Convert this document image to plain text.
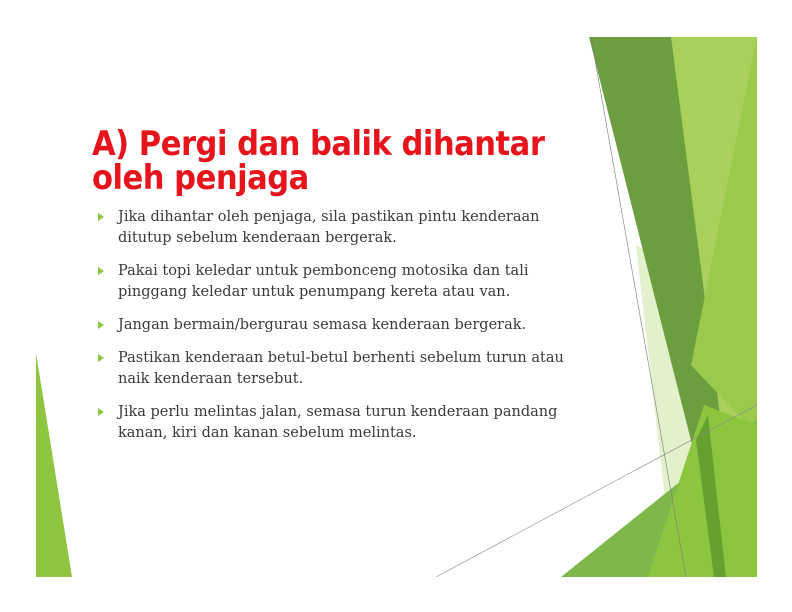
A) Pergi dan balik dihantar oleh penjaga
Jika dihantar oleh penjaga, sila pastikan pintu kenderaan ditutup sebelum kenderaan bergerak.
Pakai topi keledar untuk pembonceng motosika dan tali pinggang keledar untuk penumpang kereta atau van.
Jangan bermain/bergurau semasa kenderaan bergerak.
Pastikan kenderaan betul-betul berhenti sebelum turun atau naik kenderaan tersebut.
Jika perlu melintas jalan, semasa turun kenderaan pandang kanan, kiri dan kanan sebelum melintas.
